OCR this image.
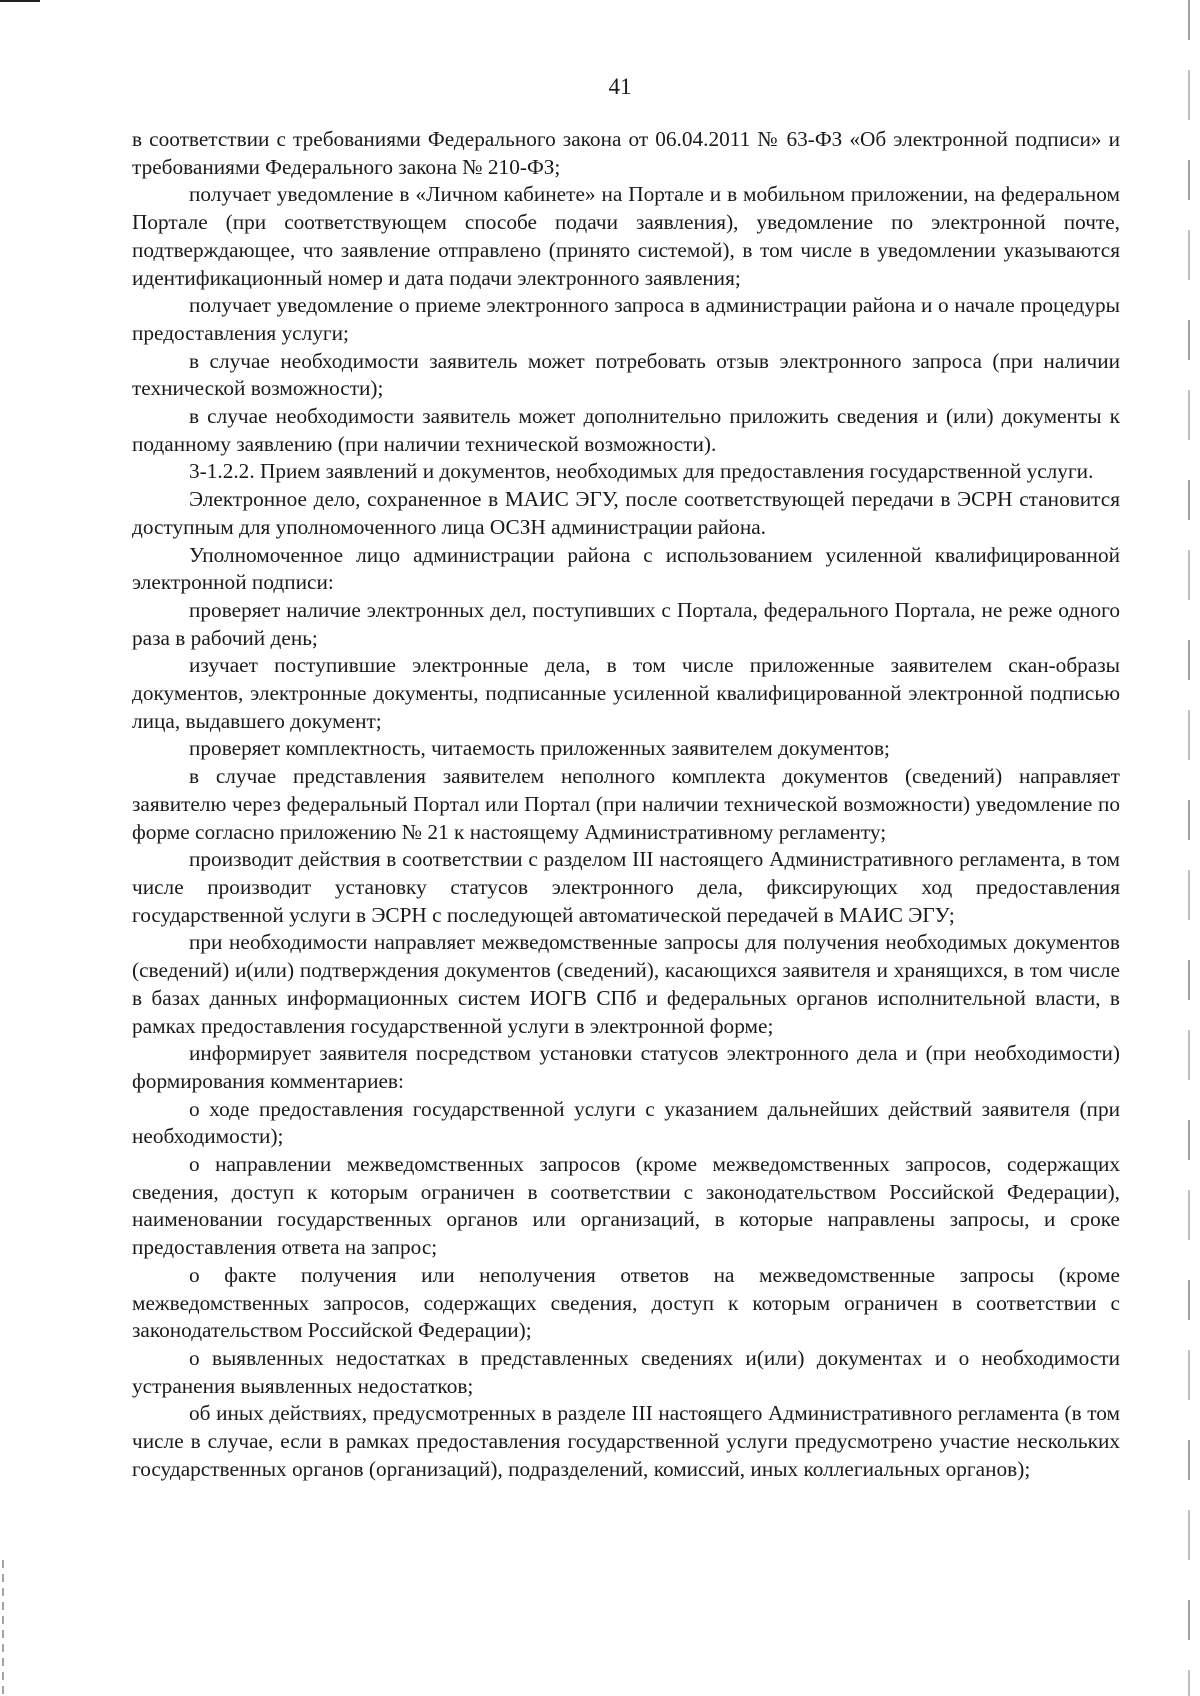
41

в соответствии с требованиями Федерального закона от 06.04.2011 № 63-ФЗ «Об электронной подписи» и требованиями Федерального закона № 210-ФЗ;

получает уведомление в «Личном кабинете» на Портале и в мобильном приложении, на федеральном Портале (при соответствующем способе подачи заявления), уведомление по электронной почте, подтверждающее, что заявление отправлено (принято системой), в том числе в уведомлении указываются идентификационный номер и дата подачи электронного заявления;

получает уведомление о приеме электронного запроса в администрации района и о начале процедуры предоставления услуги;

в случае необходимости заявитель может потребовать отзыв электронного запроса (при наличии технической возможности);

в случае необходимости заявитель может дополнительно приложить сведения и (или) документы к поданному заявлению (при наличии технической возможности).

3-1.2.2. Прием заявлений и документов, необходимых для предоставления государственной услуги.

Электронное дело, сохраненное в МАИС ЭГУ, после соответствующей передачи в ЭСРН становится доступным для уполномоченного лица ОСЗН администрации района.

Уполномоченное лицо администрации района с использованием усиленной квалифицированной электронной подписи:

проверяет наличие электронных дел, поступивших с Портала, федерального Портала, не реже одного раза в рабочий день;

изучает поступившие электронные дела, в том числе приложенные заявителем скан-образы документов, электронные документы, подписанные усиленной квалифицированной электронной подписью лица, выдавшего документ;

проверяет комплектность, читаемость приложенных заявителем документов;

в случае представления заявителем неполного комплекта документов (сведений) направляет заявителю через федеральный Портал или Портал (при наличии технической возможности) уведомление по форме согласно приложению № 21 к настоящему Административному регламенту;

производит действия в соответствии с разделом III настоящего Административного регламента, в том числе производит установку статусов электронного дела, фиксирующих ход предоставления государственной услуги в ЭСРН с последующей автоматической передачей в МАИС ЭГУ;

при необходимости направляет межведомственные запросы для получения необходимых документов (сведений) и(или) подтверждения документов (сведений), касающихся заявителя и хранящихся, в том числе в базах данных информационных систем ИОГВ СПб и федеральных органов исполнительной власти, в рамках предоставления государственной услуги в электронной форме;

информирует заявителя посредством установки статусов электронного дела и (при необходимости) формирования комментариев:

о ходе предоставления государственной услуги с указанием дальнейших действий заявителя (при необходимости);

о направлении межведомственных запросов (кроме межведомственных запросов, содержащих сведения, доступ к которым ограничен в соответствии с законодательством Российской Федерации), наименовании государственных органов или организаций, в которые направлены запросы, и сроке предоставления ответа на запрос;

о факте получения или неполучения ответов на межведомственные запросы (кроме межведомственных запросов, содержащих сведения, доступ к которым ограничен в соответствии с законодательством Российской Федерации);

о выявленных недостатках в представленных сведениях и(или) документах и о необходимости устранения выявленных недостатков;

об иных действиях, предусмотренных в разделе III настоящего Административного регламента (в том числе в случае, если в рамках предоставления государственной услуги предусмотрено участие нескольких государственных органов (организаций), подразделений, комиссий, иных коллегиальных органов);
